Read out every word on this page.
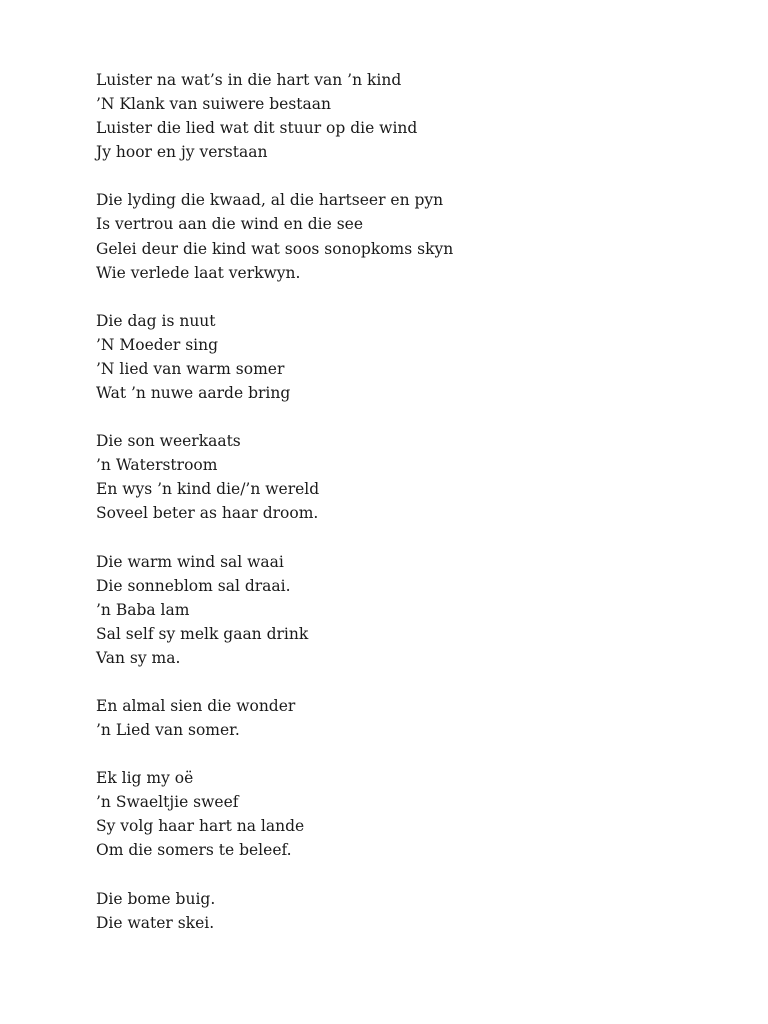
Luister na wat’s in die hart van ’n kind
’N Klank van suiwere bestaan
Luister die lied wat dit stuur op die wind
Jy hoor en jy verstaan
Die lyding die kwaad, al die hartseer en pyn
Is vertrou aan die wind en die see
Gelei deur die kind wat soos sonopkoms skyn
Wie verlede laat verkwyn.
Die dag is nuut
’N Moeder sing
’N lied van warm somer
Wat ’n nuwe aarde bring
Die son weerkaats
’n Waterstroom
En wys ’n kind die/’n wereld
Soveel beter as haar droom.
Die warm wind sal waai
Die sonneblom sal draai.
’n Baba lam
Sal self sy melk gaan drink
Van sy ma.
En almal sien die wonder
’n Lied van somer.
Ek lig my oë
’n Swaeltjie sweef
Sy volg haar hart na lande
Om die somers te beleef.
Die bome buig.
Die water skei.
